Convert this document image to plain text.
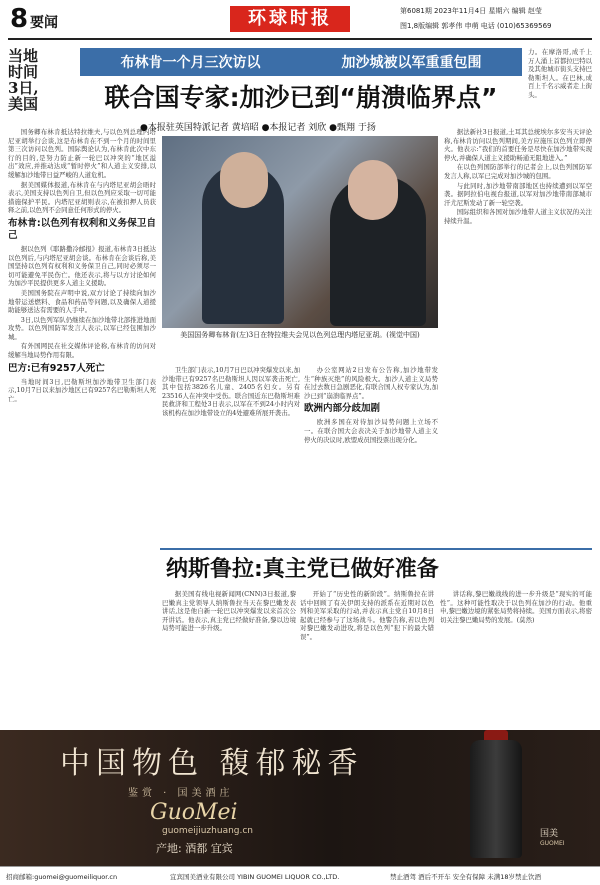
8 要闻	环球时报	第6081期 2023年11月4日 星期六 编辑 赵莹
图1,8版编辑 郭孝伟 申萌 电话 (010)65369569
当地时间3日,美国
布林肯一个月三次访以	加沙城被以军重重包围
联合国专家:加沙已到“崩溃临界点”
●本报驻英国特派记者 黄培昭 ●本报记者 刘欣 ●甄翔 于扬
力。在摩洛哥,成千上万人涌上首都拉巴特以及其他城市街头支持巴勒斯坦人。在巴林,成百上千名示威者走上街头。

国务卿布林肯抵达特拉维夫,与以色列总理内塔尼亚胡举行会谈,这是布林肯在不到一个月的时间里第三次访问以色列。国际舆论认为,布林肯此次中东行的目的,是努力防止新一轮巴以冲突的“地区溢出”效应,并推动达成“暂时停火”和人道主义安排,以缓解加沙地带日益严峻的人道危机。

据美国媒体报道,布林肯在与内塔尼亚胡会晤时表示,美国支持以色列自卫,但以色列应采取一切可能措施保护平民。内塔尼亚胡则表示,在被扣押人员获释之前,以色列不会同意任何形式的停火。

布林肯:以色列有权利和义务保卫自己

据以色列《耶路撒冷邮报》报道,布林肯3日抵达以色列后,与内塔尼亚胡会谈。布林肯在会谈后称,美国坚持以色列有权利和义务保卫自己,同时必须尽一切可能避免平民伤亡。他还表示,将与以方讨论如何为加沙平民提供更多人道主义援助。

美国国务院在声明中说,双方讨论了持续向加沙地带运送燃料、食品和药品等问题,以及确保人道援助能够送达有需要的人手中。

3日,以色列军队仍继续在加沙地带北部推进地面攻势。以色列国防军发言人表示,以军已经包围加沙城。

有外国网民在社交媒体评论称,布林肯的访问对缓解当地局势作用有限。

巴方:已有9257人死亡

当地时间3日,巴勒斯坦加沙地带卫生部门表示,10月7日以来加沙地区已有9257名巴勒斯坦人死亡。

美国国务卿布林肯(左)3日在特拉维夫会见以色列总理内塔尼亚胡。(视觉中国)

卫生部门表示,10月7日巴以冲突爆发以来,加沙地带已有9257名巴勒斯坦人因以军袭击死亡,其中包括3826名儿童、2405名妇女。另有23516人在冲突中受伤。联合国近东巴勒斯坦难民救济和工程处3日表示,以军在不到24小时内对该机构在加沙地带设立的4处避难所展开袭击。

办公室网站2日发布公告称,加沙地带发生“种族灭绝”的风险极大。加沙人道主义局势在过去数日急剧恶化,有联合国人权专家认为,加沙已到“崩溃临界点”。

欧洲内部分歧加剧

欧洲多国在对待加沙局势问题上立场不一。在联合国大会表决关于加沙地带人道主义停火的决议时,欧盟成员国投票出现分化。

据法新社3日报道,土耳其总统埃尔多安当天评论称,布林肯访问以色列期间,美方应施压以色列立即停火。他表示:“我们的首要任务是尽快在加沙地带实现停火,并确保人道主义援助畅通无阻地进入。”

在以色列国防部举行的记者会上,以色列国防军发言人称,以军已完成对加沙城的包围。

与此同时,加沙地带南部地区也持续遭到以军空袭。据阿拉伯电视台报道,以军对加沙地带南部城市汗尤尼斯发动了新一轮空袭。

国际组织和各国对加沙地带人道主义状况的关注持续升温。

纳斯鲁拉:真主党已做好准备

据美国有线电视新闻网(CNN)3日报道,黎巴嫩真主党领导人纳斯鲁拉当天在黎巴嫩发表讲话,这是他自新一轮巴以冲突爆发以来首次公开讲话。他表示,真主党已经做好准备,黎以边境局势可能进一步升级。

开始了“历史性的新阶段”。纳斯鲁拉在讲话中回顾了有关伊朗支持的派系在近期对以色列和美军采取的行动,并表示真主党自10月8日起就已经参与了这场战斗。他警告称,若以色列对黎巴嫩发动进攻,将是以色列“犯下的最大错误”。

讲话称,黎巴嫩战线的进一步升级是“现实的可能性”。这种可能性取决于以色列在加沙的行动。他重申,黎巴嫩边境的紧张局势将持续。美国方面表示,将密切关注黎巴嫩局势的发展。(莫然)

中国物色 馥郁秘香
鉴赏 · 国美酒庄
GuoMei
guomeijiuzhuang.cn
产地: 酒都 宜宾
国美
GUOMEI
招商邮箱:guomei@guomeiliquor.cn	宜宾国美酒业有限公司 YIBIN GUOMEI LIQUOR CO.,LTD.	禁止酒驾 酒后不开车 安全有保障 未满18岁禁止饮酒
